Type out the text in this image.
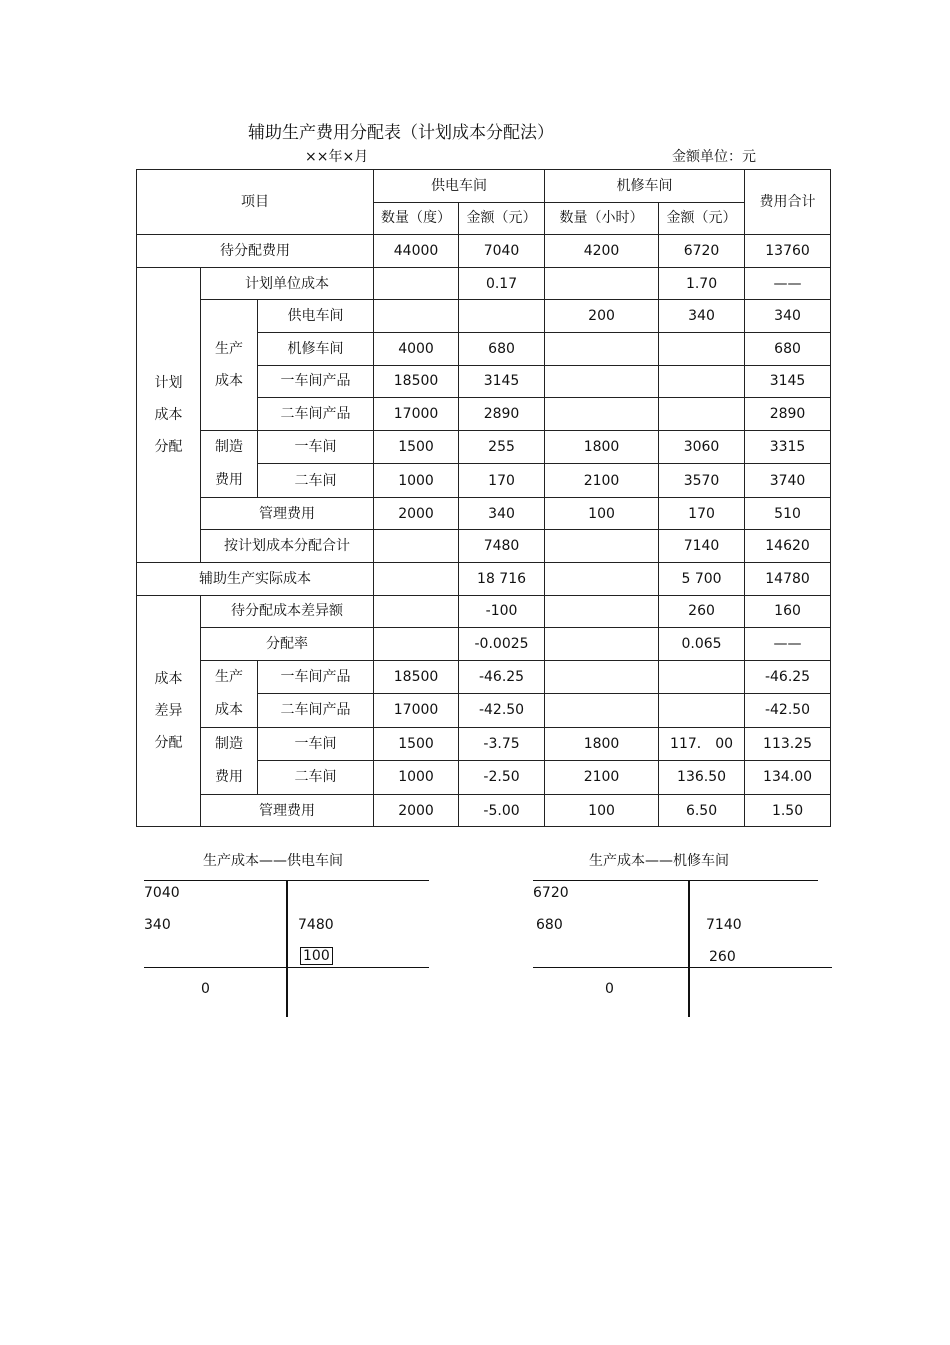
辅助生产费用分配表（计划成本分配法）
××年×月	金额单位：元
项目			供电车间		机修车间		费用合计
			数量（度）	金额（元）	数量（小时）	金额（元）	
待分配费用			44000	7040	4200	6720	13760

计划成本分配	计划单位成本			0.17		1.70	——

	生产成本	供电车间			200	340	340
		机修车间	4000	680			680
		一车间产品	18500	3145			3145
		二车间产品	17000	2890			2890

	制造费用	一车间	1500	255	1800	3060	3315
		二车间	1000	170	2100	3570	3740
	管理费用		2000	340	100	170	510
	按计划成本分配合计			7480		7140	14620
辅助生产实际成本				18 716		5 700	14780

成本差异分配	待分配成本差异额			-100		260	160
	分配率			-0.0025		0.065	——

	生产成本	一车间产品	18500	-46.25			-46.25
		二车间产品	17000	-42.50			-42.50

	制造费用	一车间	1500	-3.75	1800	117． 00	113.25
		二车间	1000	-2.50	2100	136.50	134.00
	管理费用		2000	-5.00	100	6.50	1.50
生产成本——供电车间
7040
340	7480
100
0
生产成本——机修车间
6720
680	7140
260
0
